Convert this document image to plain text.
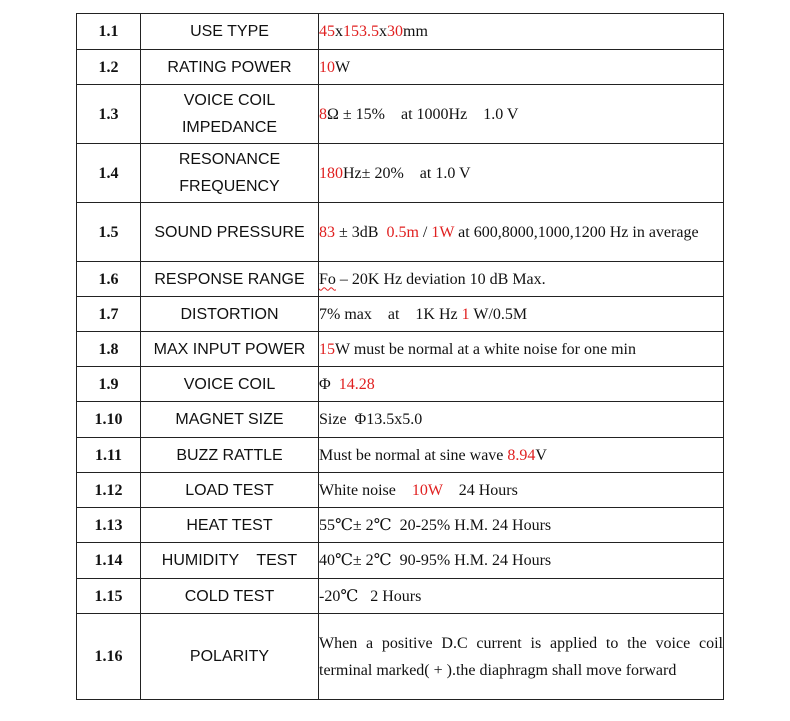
1.1	USE TYPE	45x153.5x30mm
1.2	RATING POWER	10W
1.3	VOICE COIL
IMPEDANCE	8Ω ± 15%    at 1000Hz    1.0 V
1.4	RESONANCE
FREQUENCY	180Hz± 20%    at 1.0 V
1.5	SOUND PRESSURE	83 ± 3dB  0.5m / 1W at 600,8000,1000,1200 Hz in average
1.6	RESPONSE RANGE	Fo – 20K Hz deviation 10 dB Max.
1.7	DISTORTION	7% max    at    1K Hz 1 W/0.5M
1.8	MAX INPUT POWER	15W must be normal at a white noise for one min
1.9	VOICE COIL	Φ  14.28
1.10	MAGNET SIZE	Size  Φ13.5x5.0
1.11	BUZZ RATTLE	Must be normal at sine wave 8.94V
1.12	LOAD TEST	White noise    10W    24 Hours
1.13	HEAT TEST	55℃± 2℃  20-25% H.M. 24 Hours
1.14	HUMIDITY    TEST	40℃± 2℃  90-95% H.M. 24 Hours
1.15	COLD TEST	-20℃   2 Hours
1.16	POLARITY	When a positive D.C current is applied to the voice coil terminal marked( + ).the diaphragm shall move forward
